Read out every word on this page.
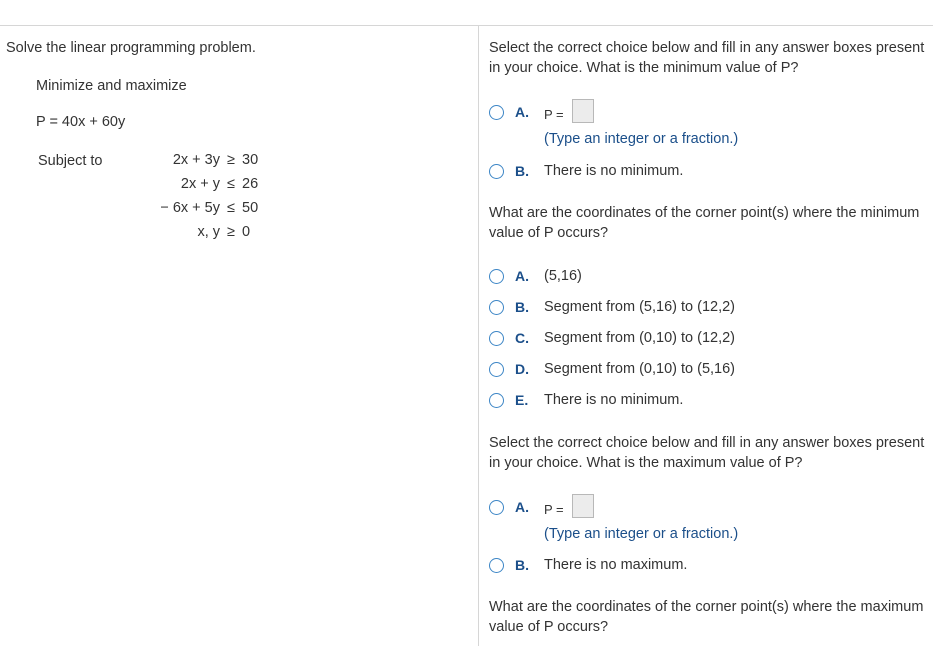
Solve the linear programming problem.
Minimize and maximize
P = 40x + 60y
Subject to	2x + 3y ≥ 30
2x + y ≤ 26
− 6x + 5y ≤ 50
x, y ≥ 0
Select the correct choice below and fill in any answer boxes present in your choice. What is the minimum value of P?
A. P =
(Type an integer or a fraction.)
B. There is no minimum.
What are the coordinates of the corner point(s) where the minimum value of P occurs?
A. (5,16)
B. Segment from (5,16) to (12,2)
C. Segment from (0,10) to (12,2)
D. Segment from (0,10) to (5,16)
E. There is no minimum.
Select the correct choice below and fill in any answer boxes present in your choice. What is the maximum value of P?
A. P =
(Type an integer or a fraction.)
B. There is no maximum.
What are the coordinates of the corner point(s) where the maximum value of P occurs?
